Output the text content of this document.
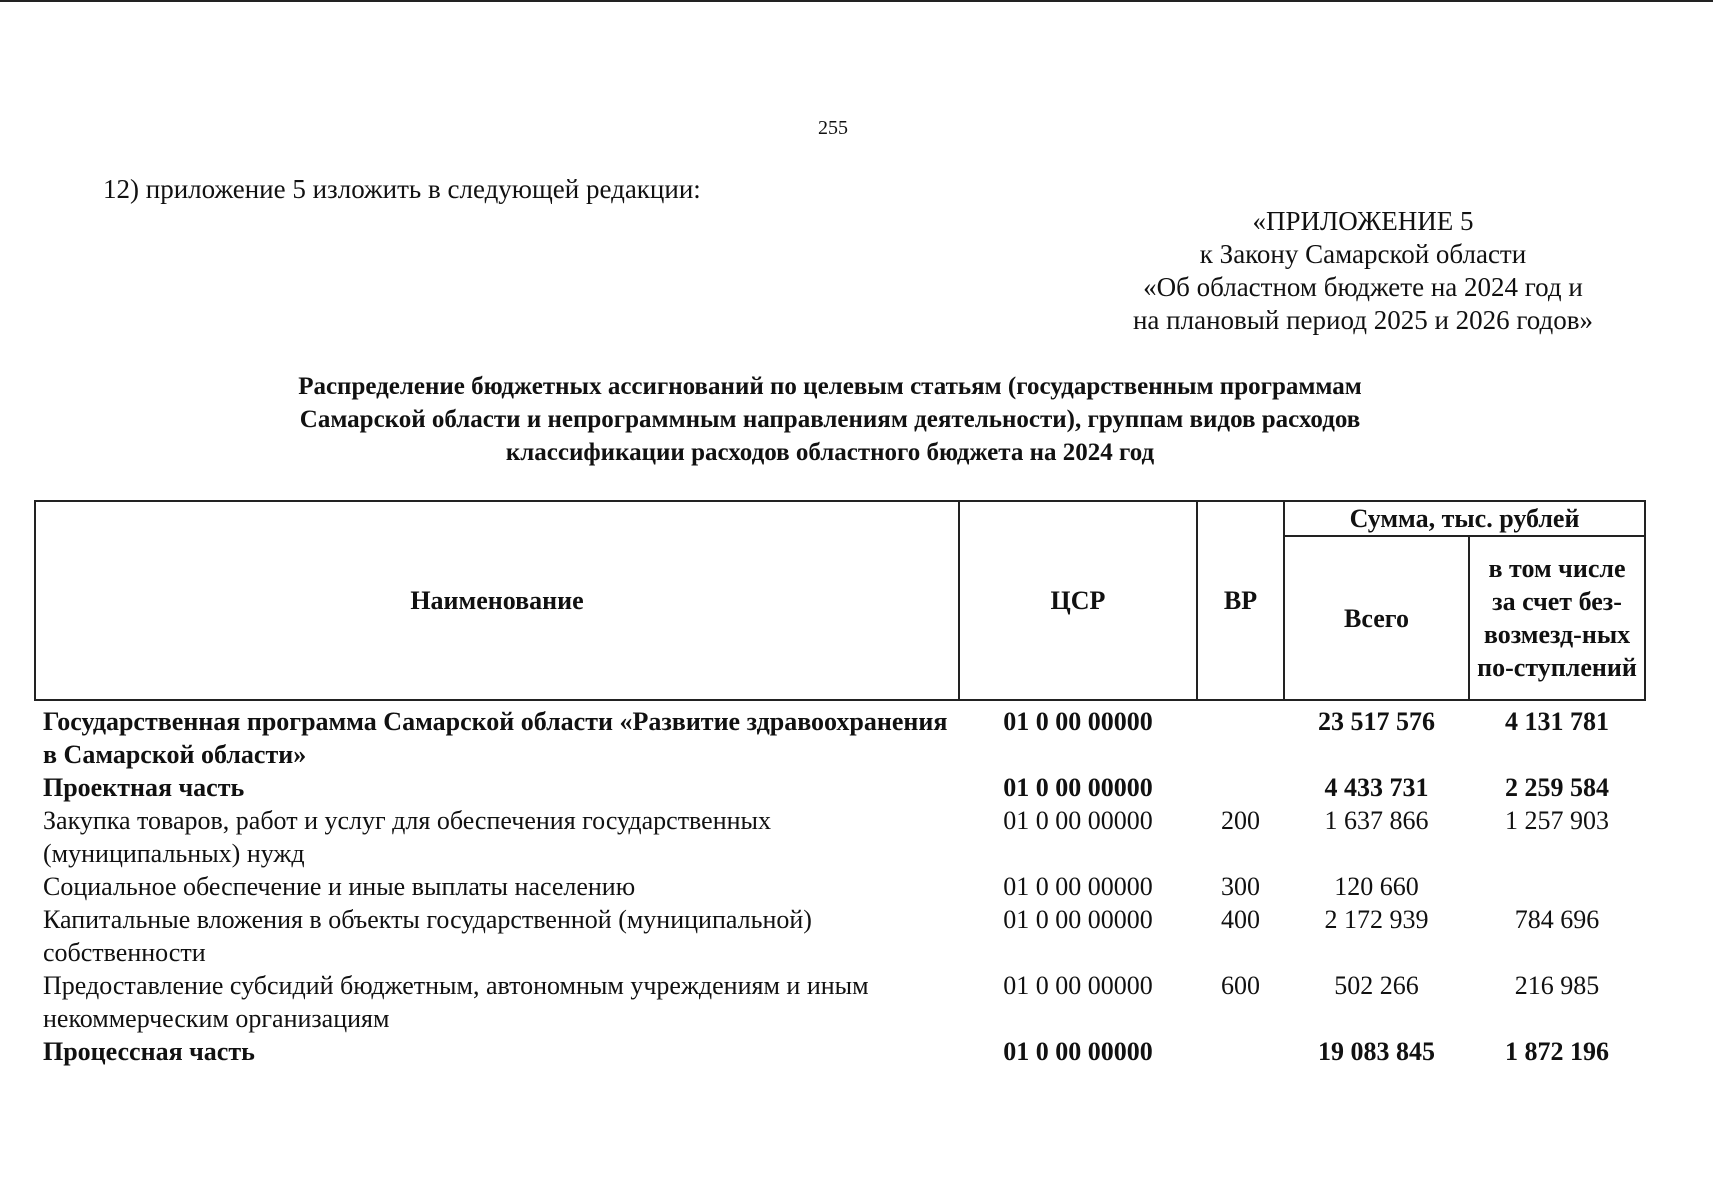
255
12) приложение 5 изложить в следующей редакции:
«ПРИЛОЖЕНИЕ 5
к Закону Самарской области
«Об областном бюджете на 2024 год и
на плановый период 2025 и 2026 годов»
Распределение бюджетных ассигнований по целевым статьям (государственным программам
Самарской области и непрограммным направлениям деятельности), группам видов расходов
классификации расходов областного бюджета на 2024 год
Наименование	ЦСР	ВР	Сумма, тыс. рублей	
			Всего	в том числе за счет без-возмезд-ных по-ступлений
Государственная программа Самарской области «Развитие здравоохранения в Самарской области»	01 0 00 00000		23 517 576	4 131 781
Проектная часть	01 0 00 00000		4 433 731	2 259 584
Закупка товаров, работ и услуг для обеспечения государственных (муниципальных) нужд	01 0 00 00000	200	1 637 866	1 257 903
Социальное обеспечение и иные выплаты населению	01 0 00 00000	300	120 660	
Капитальные вложения в объекты государственной (муниципальной) собственности	01 0 00 00000	400	2 172 939	784 696
Предоставление субсидий бюджетным, автономным учреждениям и иным некоммерческим организациям	01 0 00 00000	600	502 266	216 985
Процессная часть	01 0 00 00000		19 083 845	1 872 196
